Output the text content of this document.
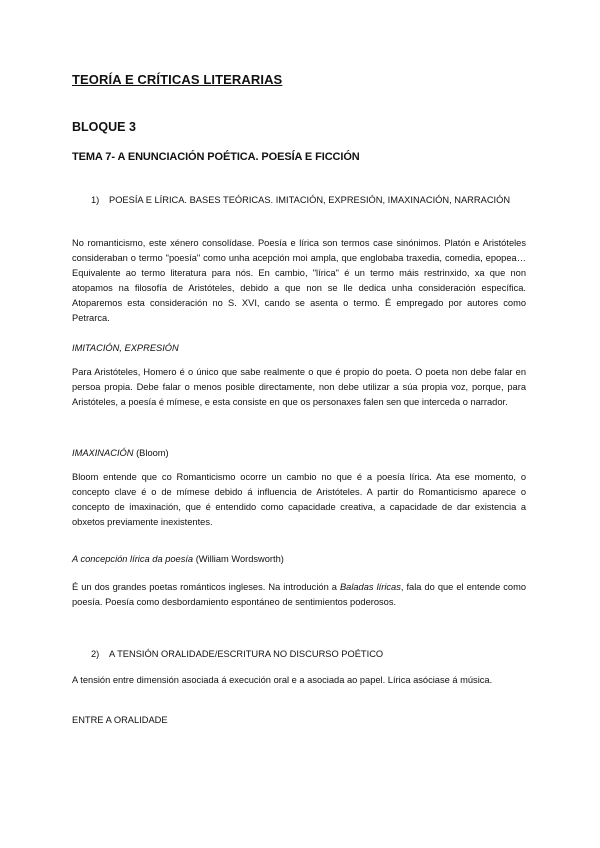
TEORÍA E CRÍTICAS LITERARIAS

BLOQUE 3

TEMA 7- A ENUNCIACIÓN POÉTICA. POESÍA E FICCIÓN

1) POESÍA E LÍRICA. BASES TEÓRICAS. IMITACIÓN, EXPRESIÓN, IMAXINACIÓN, NARRACIÓN

No romanticismo, este xénero consolídase. Poesía e lírica son termos case sinónimos. Platón e Aristóteles consideraban o termo "poesía" como unha acepción moi ampla, que englobaba traxedia, comedia, epopea… Equivalente ao termo literatura para nós. En cambio, "lírica" é un termo máis restrinxido, xa que non atopamos na filosofía de Aristóteles, debido a que non se lle dedica unha consideración específica. Atoparemos esta consideración no S. XVI, cando se asenta o termo. É empregado por autores como Petrarca.

IMITACIÓN, EXPRESIÓN

Para Aristóteles, Homero é o único que sabe realmente o que é propio do poeta. O poeta non debe falar en persoa propia. Debe falar o menos posible directamente, non debe utilizar a súa propia voz, porque, para Aristóteles, a poesía é mímese, e esta consiste en que os personaxes falen sen que interceda o narrador.

IMAXINACIÓN (Bloom)

Bloom entende que co Romanticismo ocorre un cambio no que é a poesía lírica. Ata ese momento, o concepto clave é o de mímese debido á influencia de Aristóteles. A partir do Romanticismo aparece o concepto de imaxinación, que é entendido como capacidade creativa, a capacidade de dar existencia a obxetos previamente inexistentes.

A concepción lírica da poesía (William Wordsworth)

É un dos grandes poetas románticos ingleses. Na introdución a Baladas líricas, fala do que el entende como poesía. Poesía como desbordamiento espontáneo de sentimientos poderosos.

2) A TENSIÓN ORALIDADE/ESCRITURA NO DISCURSO POÉTICO

A tensión entre dimensión asociada á execución oral e a asociada ao papel. Lírica asóciase á música.

ENTRE A ORALIDADE
